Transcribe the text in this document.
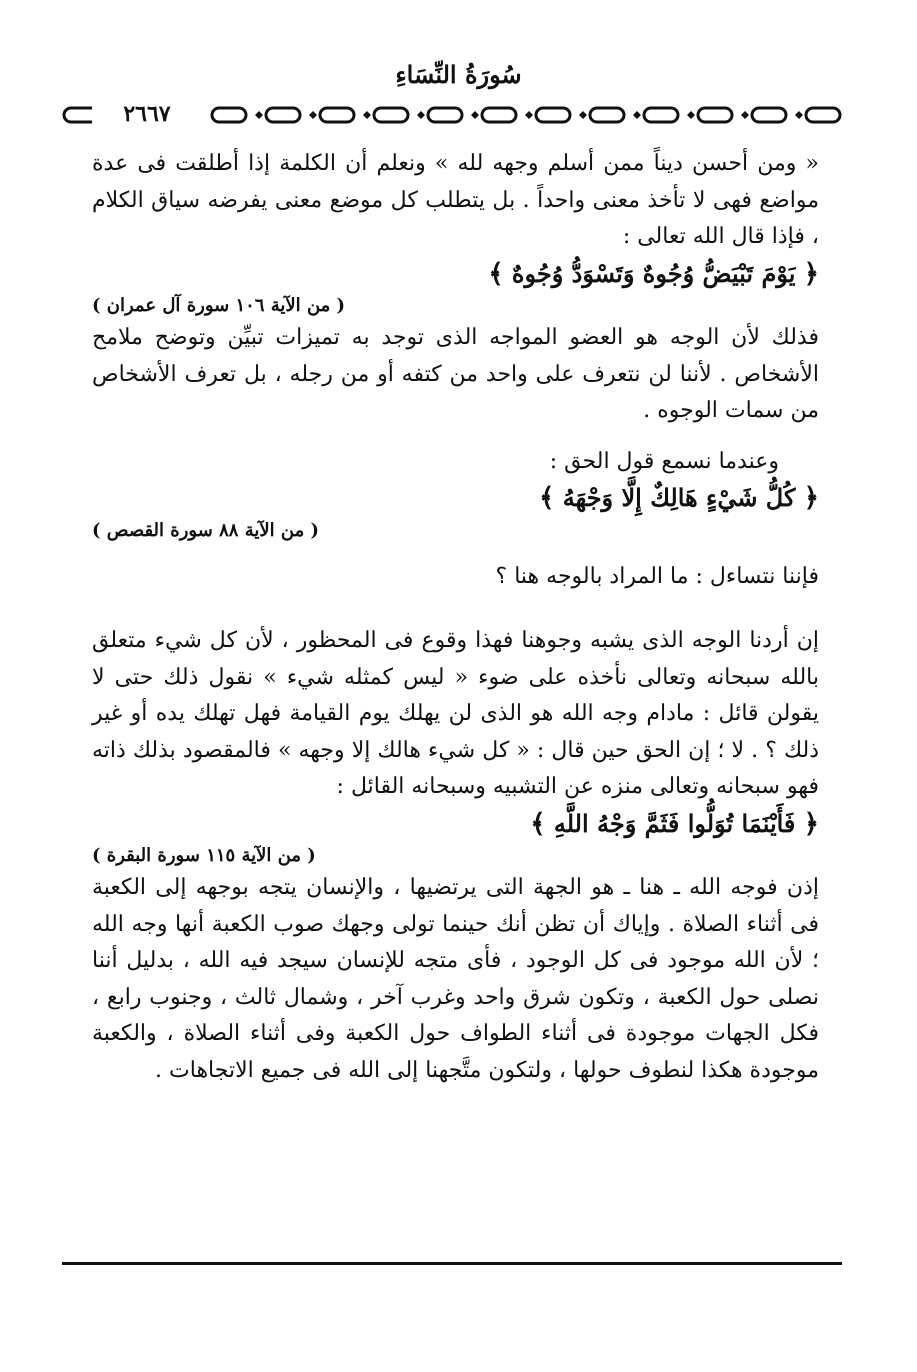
سُورَةُ النِّسَاءِ
٢٦٦٧

« ومن أحسن ديناً ممن أسلم وجهه لله » ونعلم أن الكلمة إذا أطلقت فى عدة مواضع فهى لا تأخذ معنى واحداً . بل يتطلب كل موضع معنى يفرضه سياق الكلام ، فإذا قال الله تعالى :

﴿ يَوْمَ تَبْيَضُّ وُجُوهٌ وَتَسْوَدُّ وُجُوهٌ ﴾

( من الآية ١٠٦ سورة آل عمران )

فذلك لأن الوجه هو العضو المواجه الذى توجد به تميزات تبيِّن وتوضح ملامح الأشخاص . لأننا لن نتعرف على واحد من كتفه أو من رجله ، بل تعرف الأشخاص من سمات الوجوه .

وعندما نسمع قول الحق :

﴿ كُلُّ شَيْءٍ هَالِكٌ إِلَّا وَجْهَهُ ﴾

( من الآية ٨٨ سورة القصص )

فإننا نتساءل : ما المراد بالوجه هنا ؟

إن أردنا الوجه الذى يشبه وجوهنا فهذا وقوع فى المحظور ، لأن كل شيء متعلق بالله سبحانه وتعالى نأخذه على ضوء « ليس كمثله شيء » نقول ذلك حتى لا يقولن قائل : مادام وجه الله هو الذى لن يهلك يوم القيامة فهل تهلك يده أو غير ذلك ؟ . لا ؛ إن الحق حين قال : « كل شيء هالك إلا وجهه » فالمقصود بذلك ذاته فهو سبحانه وتعالى منزه عن التشبيه وسبحانه القائل :

﴿ فَأَيْنَمَا تُوَلُّوا فَثَمَّ وَجْهُ اللَّهِ ﴾

( من الآية ١١٥ سورة البقرة )

إذن فوجه الله ـ هنا ـ هو الجهة التى يرتضيها ، والإنسان يتجه بوجهه إلى الكعبة فى أثناء الصلاة . وإياك أن تظن أنك حينما تولى وجهك صوب الكعبة أنها وجه الله ؛ لأن الله موجود فى كل الوجود ، فأى متجه للإنسان سيجد فيه الله ، بدليل أننا نصلى حول الكعبة ، وتكون شرق واحد وغرب آخر ، وشمال ثالث ، وجنوب رابع ، فكل الجهات موجودة فى أثناء الطواف حول الكعبة وفى أثناء الصلاة ، والكعبة موجودة هكذا لنطوف حولها ، ولتكون متَّجهنا إلى الله فى جميع الاتجاهات .
